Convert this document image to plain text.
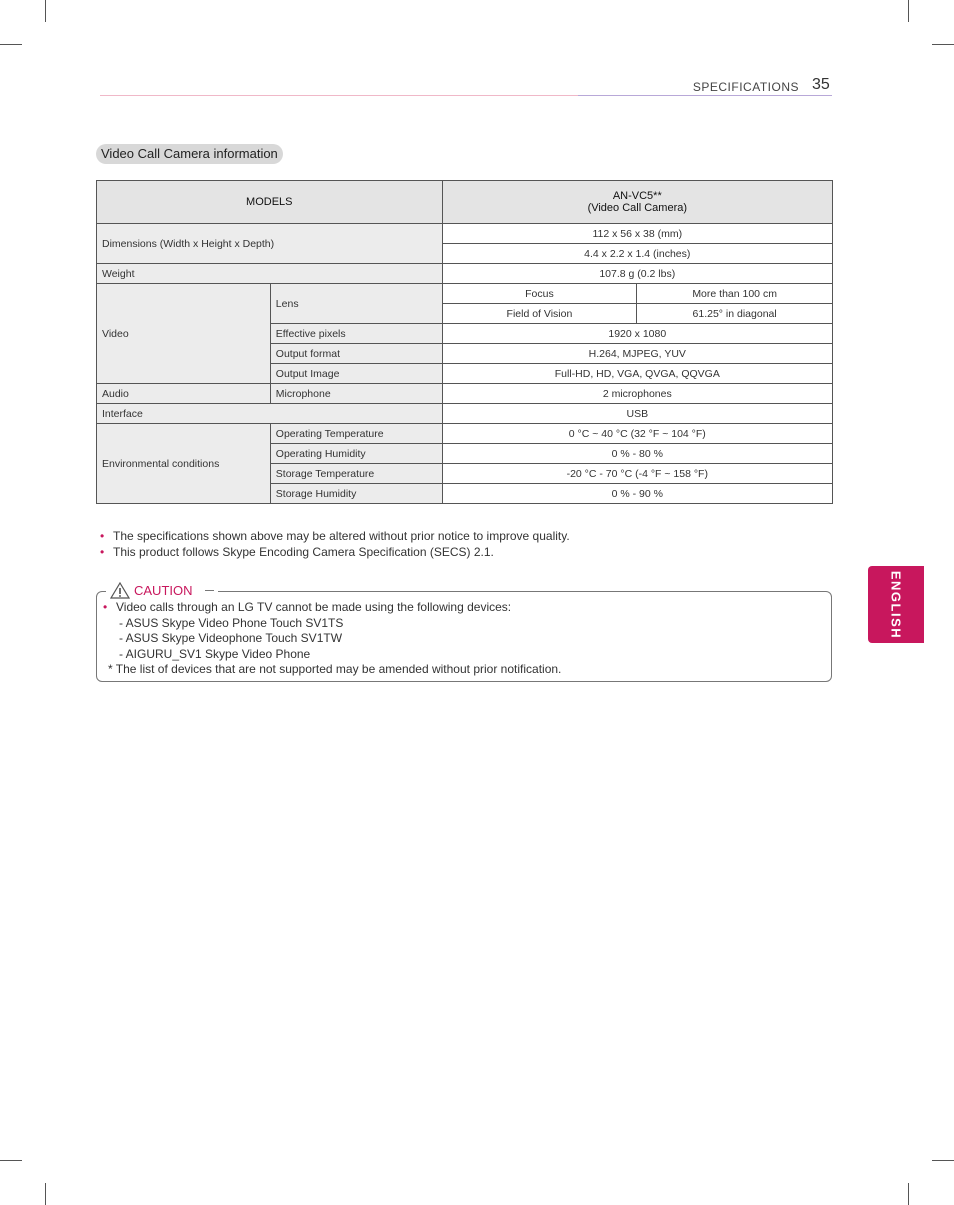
SPECIFICATIONS 35
Video Call Camera information
MODELS		AN-VC5**
(Video Call Camera)	

Dimensions (Width x Height x Depth)		112 x 56 x 38 (mm)	
		4.4 x 2.2 x 1.4 (inches)	
Weight		107.8 g (0.2 lbs)	
Video	Lens	Focus	More than 100 cm
		Field of Vision	61.25° in diagonal
	Effective pixels	1920 x 1080	
	Output format	H.264, MJPEG, YUV	
	Output Image	Full-HD, HD, VGA, QVGA, QQVGA	
Audio	Microphone	2 microphones	
Interface		USB	
Environmental conditions	Operating Temperature	0 °C ~ 40 °C (32 °F ~ 104 °F)	
	Operating Humidity	0 % - 80 %	
	Storage Temperature	-20 °C - 70 °C (-4 °F ~ 158 °F)	
	Storage Humidity	0 % - 90 %	
• The specifications shown above may be altered without prior notice to improve quality.
• This product follows Skype Encoding Camera Specification (SECS) 2.1.
CAUTION
• Video calls through an LG TV cannot be made using the following devices:
- ASUS Skype Video Phone Touch SV1TS
- ASUS Skype Videophone Touch SV1TW
- AIGURU_SV1 Skype Video Phone
* The list of devices that are not supported may be amended without prior notification.
ENGLISH
